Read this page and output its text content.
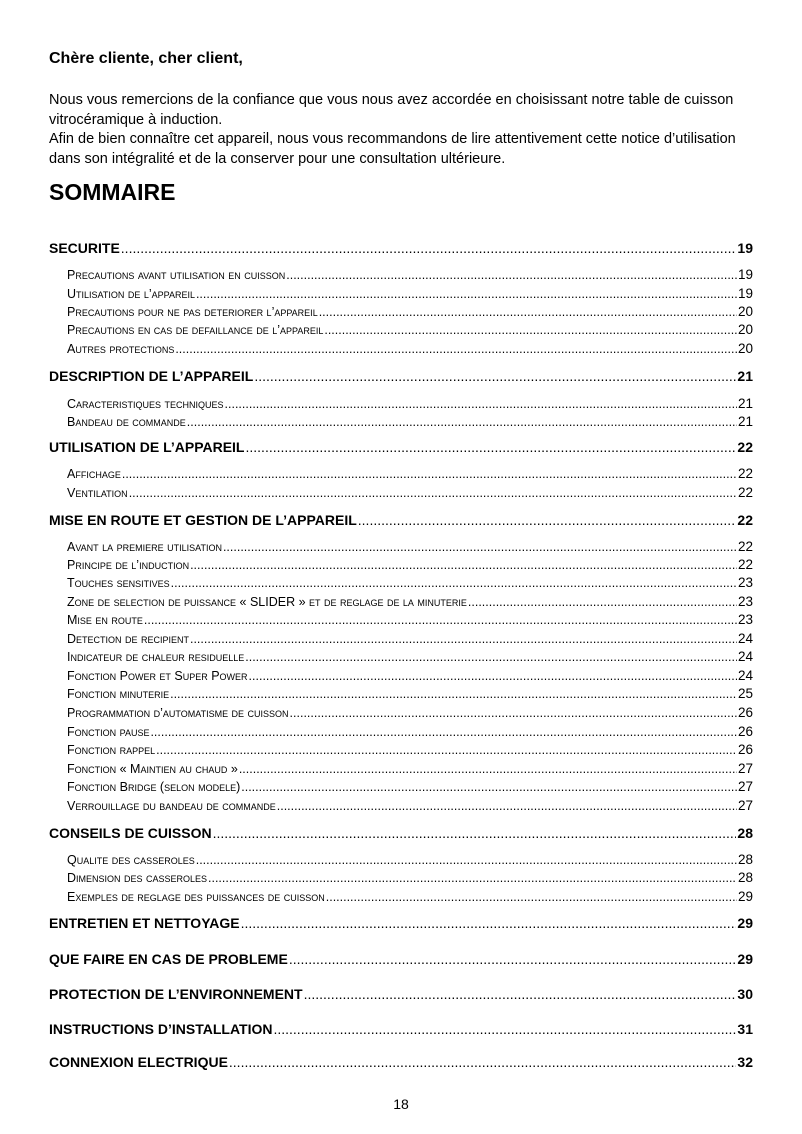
Chère cliente, cher client,

Nous vous remercions de la confiance que vous nous avez accordée en choisissant notre table de cuisson vitrocéramique à induction.

Afin de bien connaître cet appareil, nous vous recommandons de lire attentivement cette notice d’utilisation dans son intégralité et de la conserver pour une consultation ultérieure.

SOMMAIRE
SECURITE .....	19
Precautions avant utilisation en cuisson .....	19
Utilisation de l’appareil .....	19
Precautions pour ne pas deteriorer l’appareil .....	20
Precautions en cas de defaillance de l’appareil .....	20
Autres protections .....	20
DESCRIPTION DE L’APPAREIL .....	21
Caracteristiques techniques .....	21
Bandeau de commande .....	21
UTILISATION DE L’APPAREIL .....	22
Affichage .....	22
Ventilation .....	22
MISE EN ROUTE ET GESTION DE L’APPAREIL .....	22
Avant la premiere utilisation .....	22
Principe de l’induction .....	22
Touches sensitives .....	23
Zone de selection de puissance « SLIDER » et de reglage de la minuterie .....	23
Mise en route .....	23
Detection de recipient .....	24
Indicateur de chaleur residuelle .....	24
Fonction Power et Super Power .....	24
Fonction minuterie .....	25
Programmation d’automatisme de cuisson .....	26
Fonction pause .....	26
Fonction rappel .....	26
Fonction « Maintien au chaud » .....	27
Fonction Bridge (selon modele) .....	27
Verrouillage du bandeau de commande .....	27
CONSEILS DE CUISSON .....	28
Qualite des casseroles .....	28
Dimension des casseroles .....	28
Exemples de reglage des puissances de cuisson .....	29
ENTRETIEN ET NETTOYAGE .....	29
QUE FAIRE EN CAS DE PROBLEME .....	29
PROTECTION DE L’ENVIRONNEMENT .....	30
INSTRUCTIONS D’INSTALLATION .....	31
CONNEXION ELECTRIQUE .....	32
18
